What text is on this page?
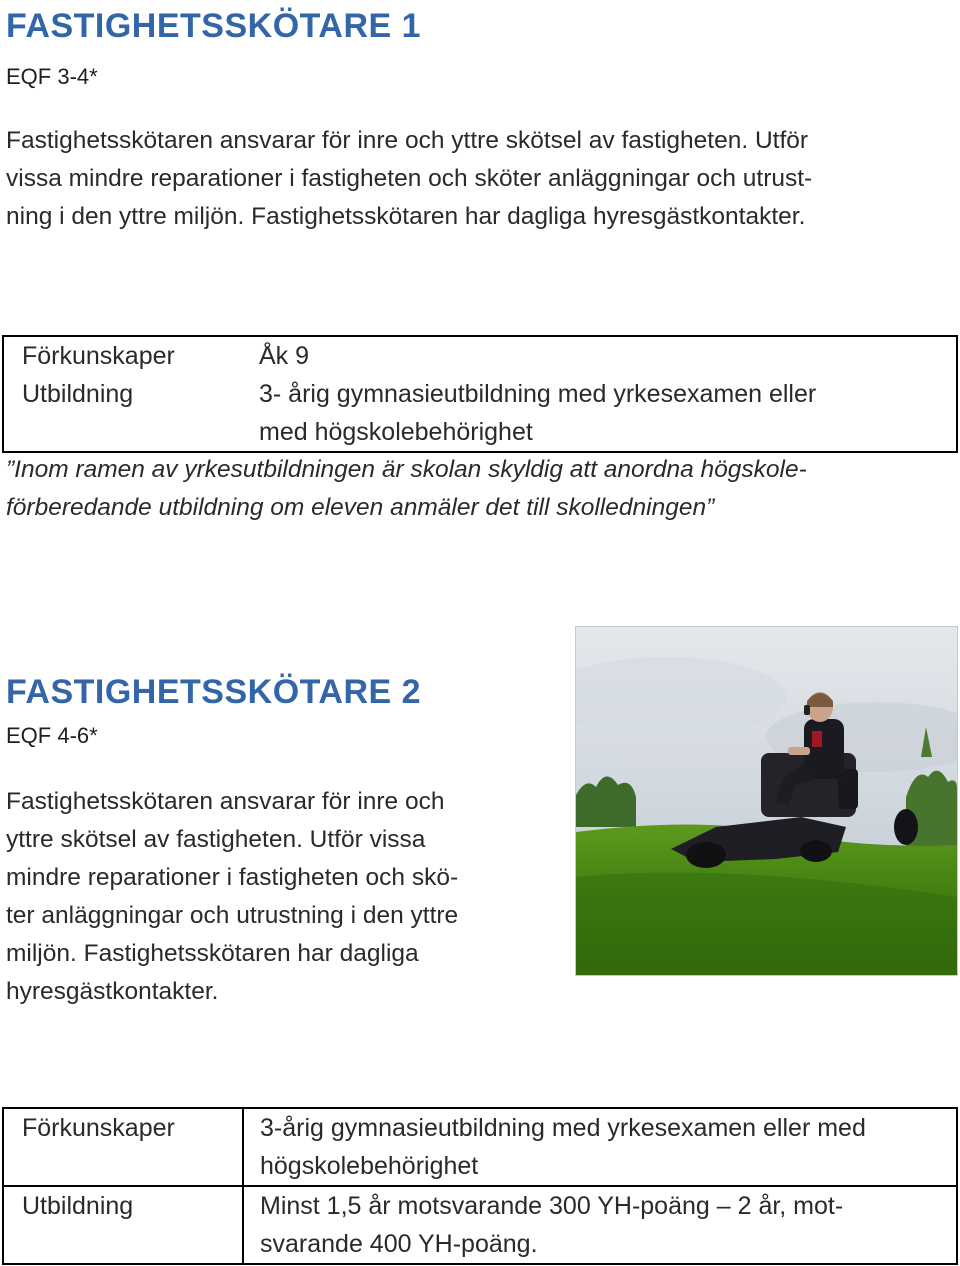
FASTIGHETSSKÖTARE 1
EQF 3-4*
Fastighetsskötaren ansvarar för inre och yttre skötsel av fastigheten. Utför
vissa mindre reparationer i fastigheten och sköter anläggningar och utrust-
ning i den yttre miljön. Fastighetsskötaren har dagliga hyresgästkontakter.
Förkunskaper	Åk 9
Utbildning	3- årig gymnasieutbildning med yrkesexamen eller
med högskolebehörighet
”Inom ramen av yrkesutbildningen är skolan skyldig att anordna högskole-
förberedande utbildning om eleven anmäler det till skolledningen”
FASTIGHETSSKÖTARE 2
EQF 4-6*
Fastighetsskötaren ansvarar för inre och
yttre skötsel av fastigheten. Utför vissa
mindre reparationer i fastigheten och skö-
ter anläggningar och utrustning i den yttre
miljön. Fastighetsskötaren har dagliga
hyresgästkontakter.
Förkunskaper	3-årig gymnasieutbildning med yrkesexamen eller med
högskolebehörighet

Utbildning	Minst 1,5 år motsvarande 300 YH-poäng – 2 år, mot-
svarande 400 YH-poäng.
